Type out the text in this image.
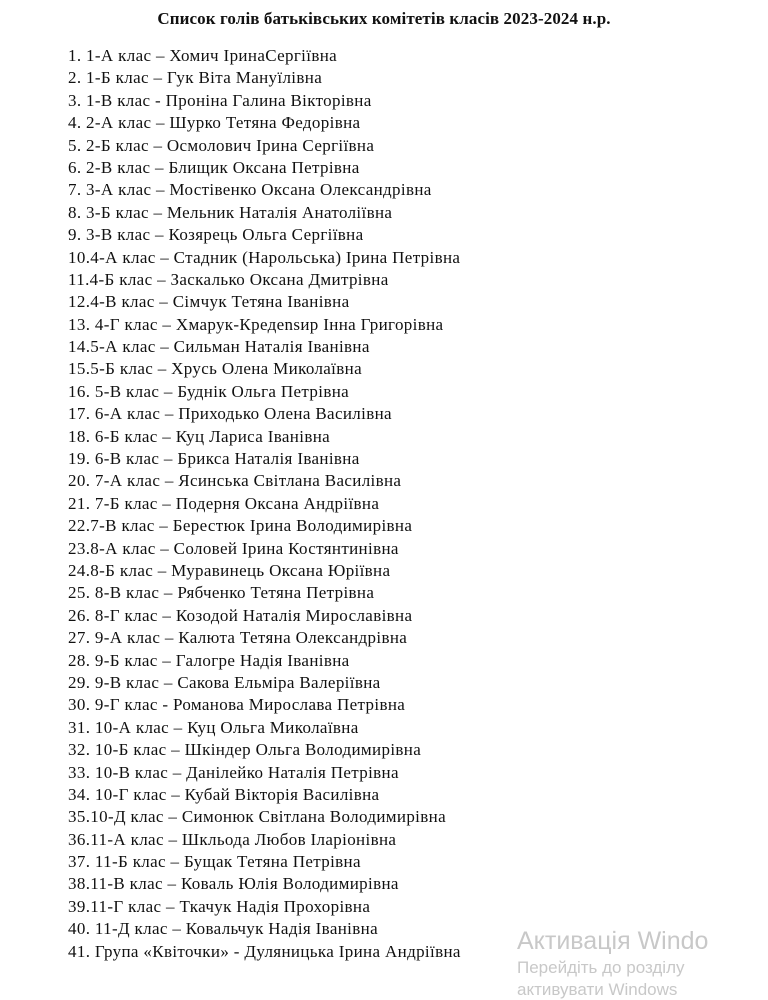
Список голів батьківських комітетів класів 2023-2024 н.р.
1. 1-А клас – Хомич ІринаСергіївна
2. 1-Б клас – Гук Віта Мануїлівна
3. 1-В клас - Проніна Галина Вікторівна
4. 2-А клас – Шурко Тетяна Федорівна
5. 2-Б клас – Осмолович Ірина Сергіївна
6. 2-В клас – Блищик Оксана Петрівна
7. 3-А клас – Мостівенко Оксана Олександрівна
8. 3-Б клас – Мельник Наталія Анатоліївна
9. 3-В клас – Козярець Ольга Сергіївна
10.4-А клас – Стадник (Нарольська) Ірина Петрівна
11.4-Б клас – Заскалько Оксана Дмитрівна
12.4-В клас – Сімчук Тетяна Іванівна
13. 4-Г клас – Хмарук-Кредensир Інна Григорівна
14.5-А клас – Сильман Наталія Іванівна
15.5-Б клас – Хрусь Олена Миколаївна
16. 5-В клас – Буднік Ольга Петрівна
17. 6-А клас – Приходько Олена Василівна
18. 6-Б клас – Куц Лариса Іванівна
19. 6-В клас – Брикса Наталія Іванівна
20. 7-А клас – Ясинська Світлана Василівна
21. 7-Б клас – Подерня Оксана Андріївна
22.7-В клас – Берестюк Ірина Володимирівна
23.8-А клас – Соловей Ірина Костянтинівна
24.8-Б клас – Муравинець Оксана Юріївна
25. 8-В клас – Рябченко Тетяна Петрівна
26. 8-Г клас – Козодой Наталія Мирославівна
27. 9-А клас – Калюта Тетяна Олександрівна
28. 9-Б клас – Галогре Надія Іванівна
29. 9-В клас – Сакова Ельміра Валеріївна
30. 9-Г клас - Романова Мирослава Петрівна
31. 10-А клас – Куц Ольга Миколаївна
32. 10-Б клас – Шкіндер Ольга Володимирівна
33. 10-В клас – Данілейко Наталія Петрівна
34. 10-Г клас – Кубай Вікторія Василівна
35.10-Д клас – Симонюк Світлана Володимирівна
36.11-А клас – Шкльода Любов Іларіонівна
37. 11-Б клас – Бущак Тетяна Петрівна
38.11-В клас – Коваль Юлія Володимирівна
39.11-Г клас – Ткачук Надія Прохорівна
40. 11-Д клас – Ковальчук Надія Іванівна
41. Група «Квіточки» - Дуляницька Ірина Андріївна Активація Windo
Перейдіть до розділу
активувати Windows
